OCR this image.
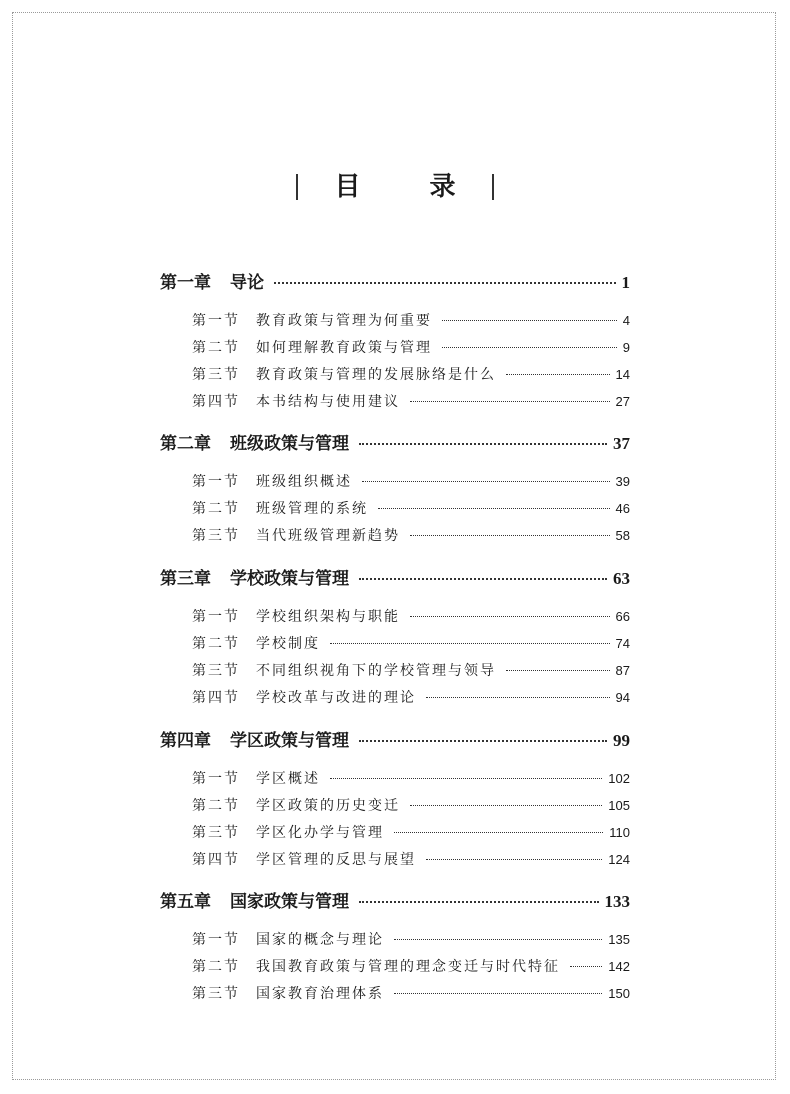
目 录
第一章	导论	1
第一节	教育政策与管理为何重要	4
第二节	如何理解教育政策与管理	9
第三节	教育政策与管理的发展脉络是什么	14
第四节	本书结构与使用建议	27
第二章	班级政策与管理	37
第一节	班级组织概述	39
第二节	班级管理的系统	46
第三节	当代班级管理新趋势	58
第三章	学校政策与管理	63
第一节	学校组织架构与职能	66
第二节	学校制度	74
第三节	不同组织视角下的学校管理与领导	87
第四节	学校改革与改进的理论	94
第四章	学区政策与管理	99
第一节	学区概述	102
第二节	学区政策的历史变迁	105
第三节	学区化办学与管理	110
第四节	学区管理的反思与展望	124
第五章	国家政策与管理	133
第一节	国家的概念与理论	135
第二节	我国教育政策与管理的理念变迁与时代特征	142
第三节	国家教育治理体系	150
